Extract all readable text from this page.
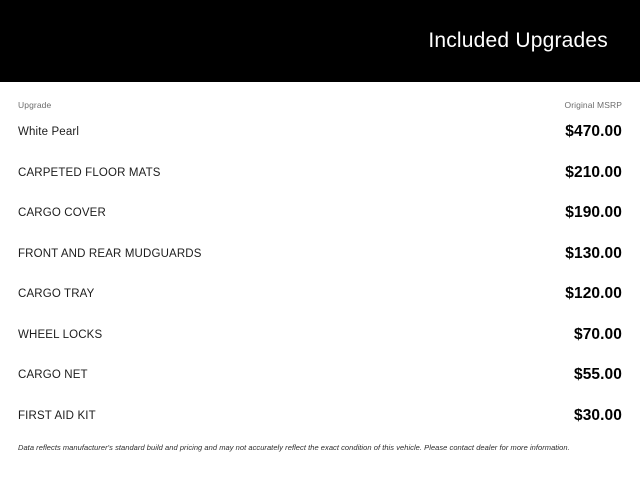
Included Upgrades
Upgrade	Original MSRP
White Pearl	$470.00
CARPETED FLOOR MATS	$210.00
CARGO COVER	$190.00
FRONT AND REAR MUDGUARDS	$130.00
CARGO TRAY	$120.00
WHEEL LOCKS	$70.00
CARGO NET	$55.00
FIRST AID KIT	$30.00
Data reflects manufacturer's standard build and pricing and may not accurately reflect the exact condition of this vehicle. Please contact dealer for more information.
